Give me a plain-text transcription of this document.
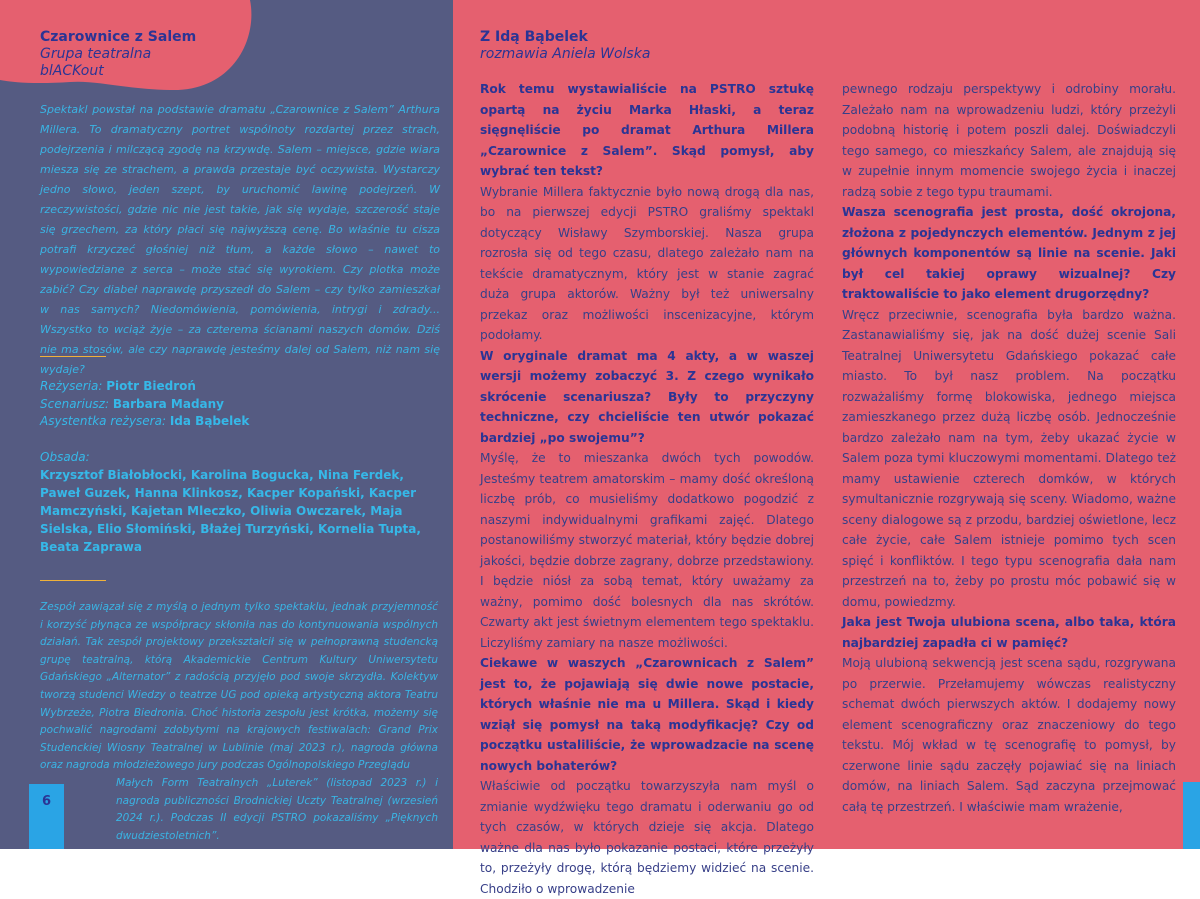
Czarownice z Salem
Grupa teatralna
blACKout
Spektakl powstał na podstawie dramatu „Czarownice z Salem” Arthura Millera. To dramatyczny portret wspólnoty rozdartej przez strach, podejrzenia i milczącą zgodę na krzywdę. Salem – miejsce, gdzie wiara miesza się ze strachem, a prawda przestaje być oczywista. Wystarczy jedno słowo, jeden szept, by uruchomić lawinę podejrzeń. W rzeczywistości, gdzie nic nie jest takie, jak się wydaje, szczerość staje się grzechem, za który płaci się najwyższą cenę. Bo właśnie tu cisza potrafi krzyczeć głośniej niż tłum, a każde słowo – nawet to wypowiedziane z serca – może stać się wyrokiem. Czy plotka może zabić? Czy diabeł naprawdę przyszedł do Salem – czy tylko zamieszkał w nas samych? Niedomówienia, pomówienia, intrygi i zdrady... Wszystko to wciąż żyje – za czterema ścianami naszych domów. Dziś nie ma stosów, ale czy naprawdę jesteśmy dalej od Salem, niż nam się wydaje?
Reżyseria: Piotr Biedroń
Scenariusz: Barbara Madany
Asystentka reżysera: Ida Bąbelek
Obsada:
Krzysztof Białobłocki, Karolina Bogucka, Nina Ferdek, Paweł Guzek, Hanna Klinkosz, Kacper Kopański, Kacper Mamczyński, Kajetan Mleczko, Oliwia Owczarek, Maja Sielska, Elio Słomiński, Błażej Turzyński, Kornelia Tupta, Beata Zaprawa
Zespół zawiązał się z myślą o jednym tylko spektaklu, jednak przyjemność i korzyść płynąca ze współpracy skłoniła nas do kontynuowania wspólnych działań. Tak zespół projektowy przekształcił się w pełnoprawną studencką grupę teatralną, którą Akademickie Centrum Kultury Uniwersytetu Gdańskiego „Alternator” z radością przyjęło pod swoje skrzydła. Kolektyw tworzą studenci Wiedzy o teatrze UG pod opieką artystyczną aktora Teatru Wybrzeże, Piotra Biedronia. Choć historia zespołu jest krótka, możemy się pochwalić nagrodami zdobytymi na krajowych festiwalach: Grand Prix Studenckiej Wiosny Teatralnej w Lublinie (maj 2023 r.), nagroda główna oraz nagroda młodzieżowego jury podczas Ogólnopolskiego Przeglądu
Małych Form Teatralnych „Luterek” (listopad 2023 r.) i nagroda publiczności Brodnickiej Uczty Teatralnej (wrzesień 2024 r.). Podczas II edycji PSTRO pokazaliśmy „Pięknych dwudziestoletnich”.
6
Z Idą Bąbelek
rozmawia Aniela Wolska

Rok temu wystawialiście na PSTRO sztukę opartą na życiu Marka Hłaski, a teraz sięgnęliście po dramat Arthura Millera „Czarownice z Salem”. Skąd pomysł, aby wybrać ten tekst?

Wybranie Millera faktycznie było nową drogą dla nas, bo na pierwszej edycji PSTRO graliśmy spektakl dotyczący Wisławy Szymborskiej. Nasza grupa rozrosła się od tego czasu, dlatego zależało nam na tekście dramatycznym, który jest w stanie zagrać duża grupa aktorów. Ważny był też uniwersalny przekaz oraz możliwości inscenizacyjne, którym podołamy.

W oryginale dramat ma 4 akty, a w waszej wersji możemy zobaczyć 3. Z czego wynikało skrócenie scenariusza? Były to przyczyny techniczne, czy chcieliście ten utwór pokazać bardziej „po swojemu”?

Myślę, że to mieszanka dwóch tych powodów. Jesteśmy teatrem amatorskim – mamy dość określoną liczbę prób, co musieliśmy dodatkowo pogodzić z naszymi indywidualnymi grafikami zajęć. Dlatego postanowiliśmy stworzyć materiał, który będzie dobrej jakości, będzie dobrze zagrany, dobrze przedstawiony. I będzie niósł za sobą temat, który uważamy za ważny, pomimo dość bolesnych dla nas skrótów. Czwarty akt jest świetnym elementem tego spektaklu. Liczyliśmy zamiary na nasze możliwości.

Ciekawe w waszych „Czarownicach z Salem” jest to, że pojawiają się dwie nowe postacie, których właśnie nie ma u Millera. Skąd i kiedy wziął się pomysł na taką modyfikację? Czy od początku ustaliliście, że wprowadzacie na scenę nowych bohaterów?

Właściwie od początku towarzyszyła nam myśl o zmianie wydźwięku tego dramatu i oderwaniu go od tych czasów, w których dzieje się akcja. Dlatego ważne dla nas było pokazanie postaci, które przeżyły to, przeżyły drogę, którą będziemy widzieć na scenie. Chodziło o wprowadzenie

pewnego rodzaju perspektywy i odrobiny morału. Zależało nam na wprowadzeniu ludzi, który przeżyli podobną historię i potem poszli dalej. Doświadczyli tego samego, co mieszkańcy Salem, ale znajdują się w zupełnie innym momencie swojego życia i inaczej radzą sobie z tego typu traumami.

Wasza scenografia jest prosta, dość okrojona, złożona z pojedynczych elementów. Jednym z jej głównych komponentów są linie na scenie. Jaki był cel takiej oprawy wizualnej? Czy traktowaliście to jako element drugorzędny?

Wręcz przeciwnie, scenografia była bardzo ważna. Zastanawialiśmy się, jak na dość dużej scenie Sali Teatralnej Uniwersytetu Gdańskiego pokazać całe miasto. To był nasz problem. Na początku rozważaliśmy formę blokowiska, jednego miejsca zamieszkanego przez dużą liczbę osób. Jednocześnie bardzo zależało nam na tym, żeby ukazać życie w Salem poza tymi kluczowymi momentami. Dlatego też mamy ustawienie czterech domków, w których symultanicznie rozgrywają się sceny. Wiadomo, ważne sceny dialogowe są z przodu, bardziej oświetlone, lecz całe życie, całe Salem istnieje pomimo tych scen spięć i konfliktów. I tego typu scenografia dała nam przestrzeń na to, żeby po prostu móc pobawić się w domu, powiedzmy.

Jaka jest Twoja ulubiona scena, albo taka, która najbardziej zapadła ci w pamięć?

Moją ulubioną sekwencją jest scena sądu, rozgrywana po przerwie. Przełamujemy wówczas realistyczny schemat dwóch pierwszych aktów. I dodajemy nowy element scenograficzny oraz znaczeniowy do tego tekstu. Mój wkład w tę scenografię to pomysł, by czerwone linie sądu zaczęły pojawiać się na liniach domów, na liniach Salem. Sąd zaczyna przejmować całą tę przestrzeń. I właściwie mam wrażenie,
